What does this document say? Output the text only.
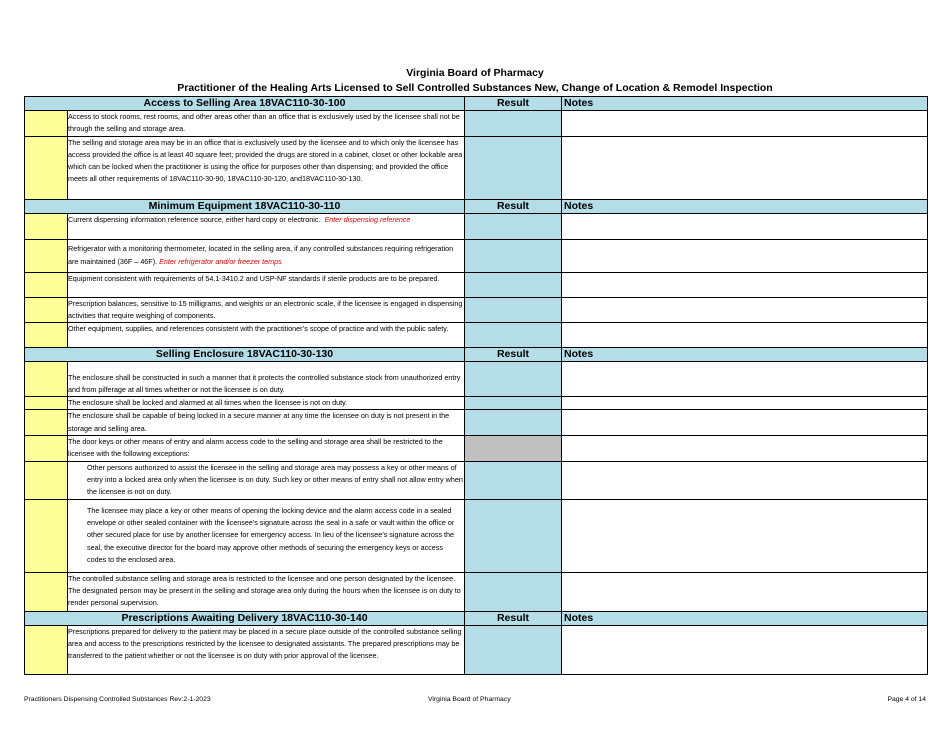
Virginia Board of Pharmacy
Practitioner of the Healing Arts Licensed to Sell Controlled Substances New, Change of Location & Remodel Inspection
Access to Selling Area 18VAC110-30-100		Result	Notes
	Access to stock rooms, rest rooms, and other areas other than an office that is exclusively used by the licensee shall not be through the selling and storage area.		
	The selling and storage area may be in an office that is exclusively used by the licensee and to which only the licensee has access provided the office is at least 40 square feet; provided the drugs are stored in a cabinet, closet or other lockable area which can be locked when the practitioner is using the office for purposes other than dispensing; and provided the office meets all other requirements of 18VAC110-30-90, 18VAC110-30-120, and18VAC110-30-130.		
Minimum Equipment 18VAC110-30-110		Result	Notes
	Current dispensing information reference source, either hard copy or electronic. Enter dispensing reference		
	Refrigerator with a monitoring thermometer, located in the selling area, if any controlled substances requiring refrigeration are maintained (36F – 46F). Enter refrigerator and/or freezer temps		
	Equipment consistent with requirements of 54.1-3410.2 and USP-NF standards if sterile products are to be prepared.		
	Prescription balances, sensitive to 15 milligrams, and weights or an electronic scale, if the licensee is engaged in dispensing activities that require weighing of components.		
	Other equipment, supplies, and references consistent with the practitioner’s scope of practice and with the public safety.		
Selling Enclosure 18VAC110-30-130		Result	Notes
	The enclosure shall be constructed in such a manner that it protects the controlled substance stock from unauthorized entry and from pilferage at all times whether or not the licensee is on duty.		
	The enclosure shall be locked and alarmed at all times when the licensee is not on duty.		
	The enclosure shall be capable of being locked in a secure manner at any time the licensee on duty is not present in the storage and selling area.		
	The door keys or other means of entry and alarm access code to the selling and storage area shall be restricted to the licensee with the following exceptions:		
	Other persons authorized to assist the licensee in the selling and storage area may possess a key or other means of entry into a locked area only when the licensee is on duty. Such key or other means of entry shall not allow entry when the licensee is not on duty.		
	The licensee may place a key or other means of opening the locking device and the alarm access code in a sealed envelope or other sealed container with the licensee's signature across the seal in a safe or vault within the office or other secured place for use by another licensee for emergency access. In lieu of the licensee’s signature across the seal, the executive director for the board may approve other methods of securing the emergency keys or access codes to the enclosed area.		
	The controlled substance selling and storage area is restricted to the licensee and one person designated by the licensee. The designated person may be present in the selling and storage area only during the hours when the licensee is on duty to render personal supervision.		
Prescriptions Awaiting Delivery 18VAC110-30-140		Result	Notes
	Prescriptions prepared for delivery to the patient may be placed in a secure place outside of the controlled substance selling area and access to the prescriptions restricted by the licensee to designated assistants. The prepared prescriptions may be transferred to the patient whether or not the licensee is on duty with prior approval of the licensee.		
Practitioners Dispensing Controlled Substances Rev:2-1-2023	Virginia Board of Pharmacy	Page 4 of 14
